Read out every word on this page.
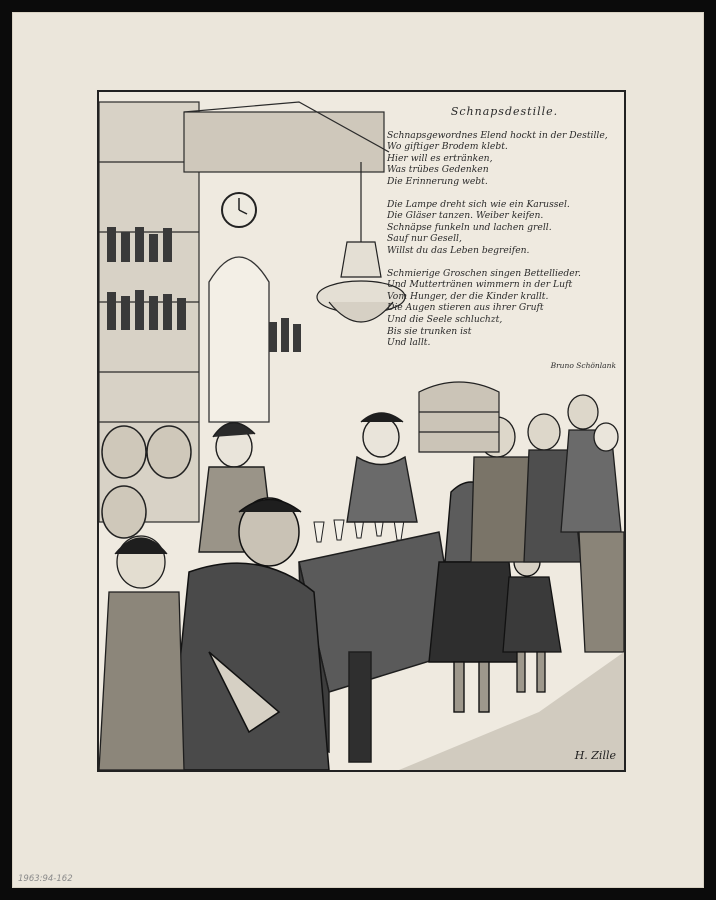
Schnapsdestille.
Schnapsgewordnes Elend hockt in der Destille,
Wo giftiger Brodem klebt.
Hier will es ertränken,
Was trübes Gedenken
Die Erinnerung webt.
Die Lampe dreht sich wie ein Karussel.
Die Gläser tanzen. Weiber keifen.
Schnäpse funkeln und lachen grell.
Sauf nur Gesell,
Willst du das Leben begreifen.
Schmierige Groschen singen Bettellieder.
Und Muttertränen wimmern in der Luft
Vom Hunger, der die Kinder krallt.
Die Augen stieren aus ihrer Gruft
Und die Seele schluchzt,
Bis sie trunken ist
Und lallt.
Bruno Schönlank
H. Zille
1963:94-162
